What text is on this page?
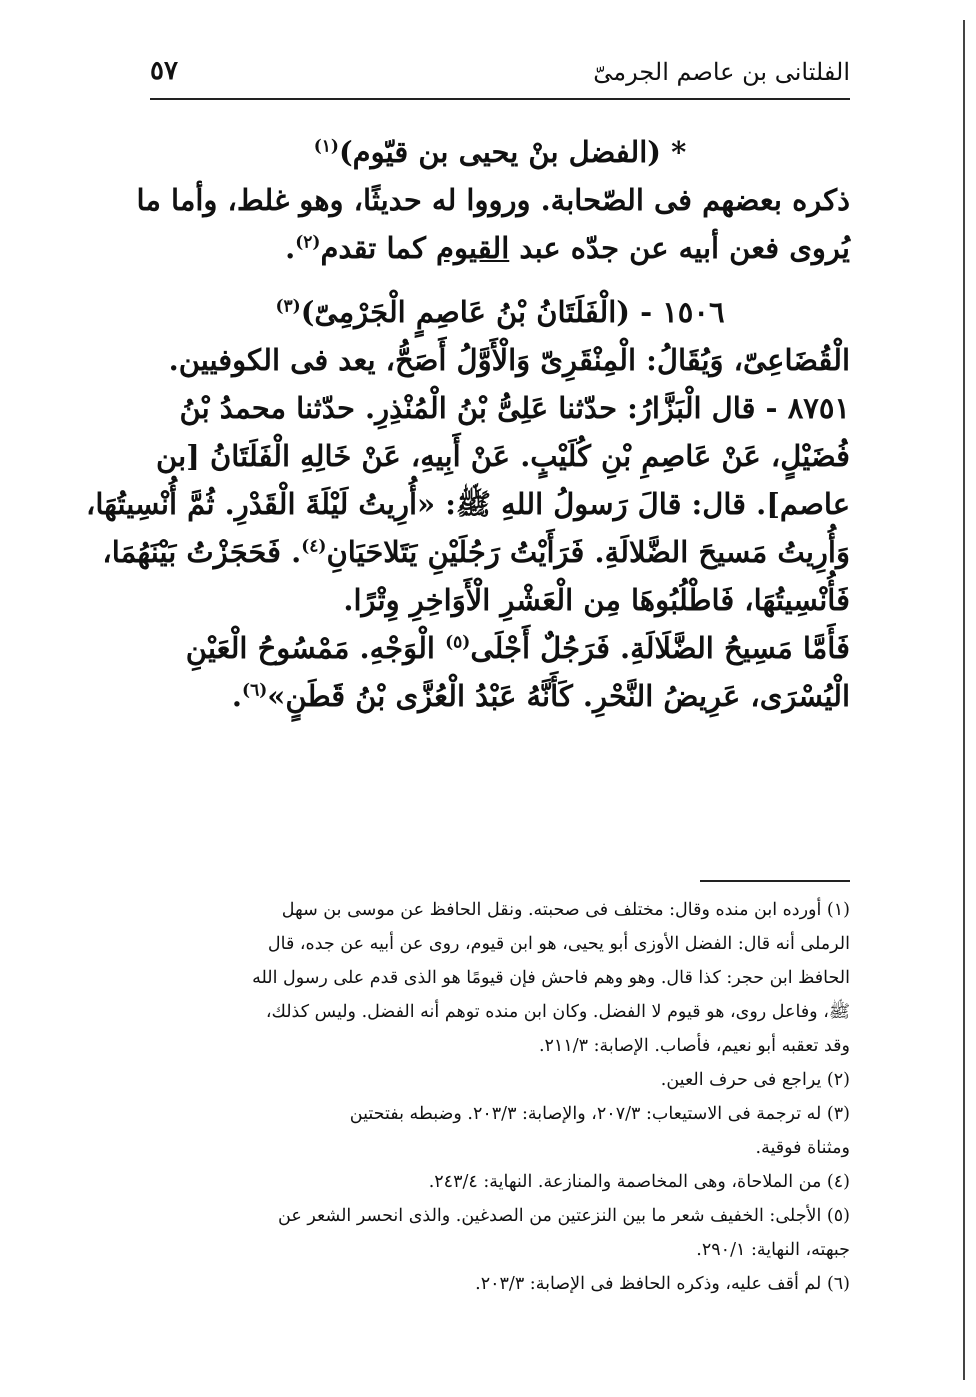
الفلتانى بن عاصم الجرمىّ
٥٧
* (الفضل بنْ يحيى بن قيّوم)$^{(١)}$
ذكره بعضهم فى الصّحابة. ورووا له حديثًا، وهو غلط، وأما ما
يُروى فعن أبيه عن جدّه عبد القيوم كما تقدم$^{(٢)}$.
١٥٠٦ - (الْفَلَتَانُ بْنُ عَاصِمٍ الْجَرْمِىّ)$^{(٣)}$
الْقُضَاعِىّ، وَيُقَالُ: الْمِنْقَرِىّ وَالْأَوَّلُ أَصَحُّ، يعد فى الكوفيين.
٨٧٥١ - قال الْبَزَّارُ: حدّثنا عَلِىُّ بْنُ الْمُنْذِرِ. حدّثنا محمدُ بْنُ
فُضَيْلٍ، عَنْ عَاصِمِ بْنِ كُلَيْبٍ. عَنْ أَبِيهِ، عَنْ خَالِهِ الْفَلَتَانُ [بن
عاصم]. قال: قالَ رَسولُ اللهِ ﷺ: «أُرِيتُ لَيْلَةَ الْقَدْرِ. ثُمَّ أُنْسِيتُهَا،
وَأُرِيتُ مَسيحَ الضَّلالَةِ. فَرَأَيْتُ رَجُلَيْنِ يَتَلاحَيَانِ$^{(٤)}$. فَحَجَزْتُ بَيْنَهُمَا،
فَأُنْسِيتُهَا، فَاطْلُبُوهَا مِن الْعَشْرِ الْأَوَاخِرِ وِتْرًا.
فَأَمَّا مَسِيحُ الضَّلَالَةِ. فَرَجُلٌ أَجْلَى$^{(٥)}$ الْوَجْهِ. مَمْسُوحُ الْعَيْنِ
الْيُسْرَى، عَرِيضُ النَّحْرِ. كَأَنَّهُ عَبْدُ الْعُزَّى بْنُ قَطَنٍ»$^{(٦)}$.
(١) أورده ابن منده وقال: مختلف فى صحبته. ونقل الحافظ عن موسى بن سهل
الرملى أنه قال: الفضل الأوزى أبو يحيى، هو ابن قيوم، روى عن أبيه عن جده، قال
الحافظ ابن حجر: كذا قال. وهو وهم فاحش فإن قيومًا هو الذى قدم على رسول الله
ﷺ، وفاعل روى، هو قيوم لا الفضل. وكان ابن منده توهم أنه الفضل. وليس كذلك،
وقد تعقبه أبو نعيم، فأصاب. الإصابة: ٢١١/٣.
(٢) يراجع فى حرف العين.
(٣) له ترجمة فى الاستيعاب: ٢٠٧/٣، والإصابة: ٢٠٣/٣. وضبطه بفتحتين
ومثناة فوقية.
(٤) من الملاحاة، وهى المخاصمة والمنازعة. النهاية: ٢٤٣/٤.
(٥) الأجلى: الخفيف شعر ما بين النزعتين من الصدغين. والذى انحسر الشعر عن
جبهته، النهاية: ٢٩٠/١.
(٦) لم أقف عليه، وذكره الحافظ فى الإصابة: ٢٠٣/٣.
